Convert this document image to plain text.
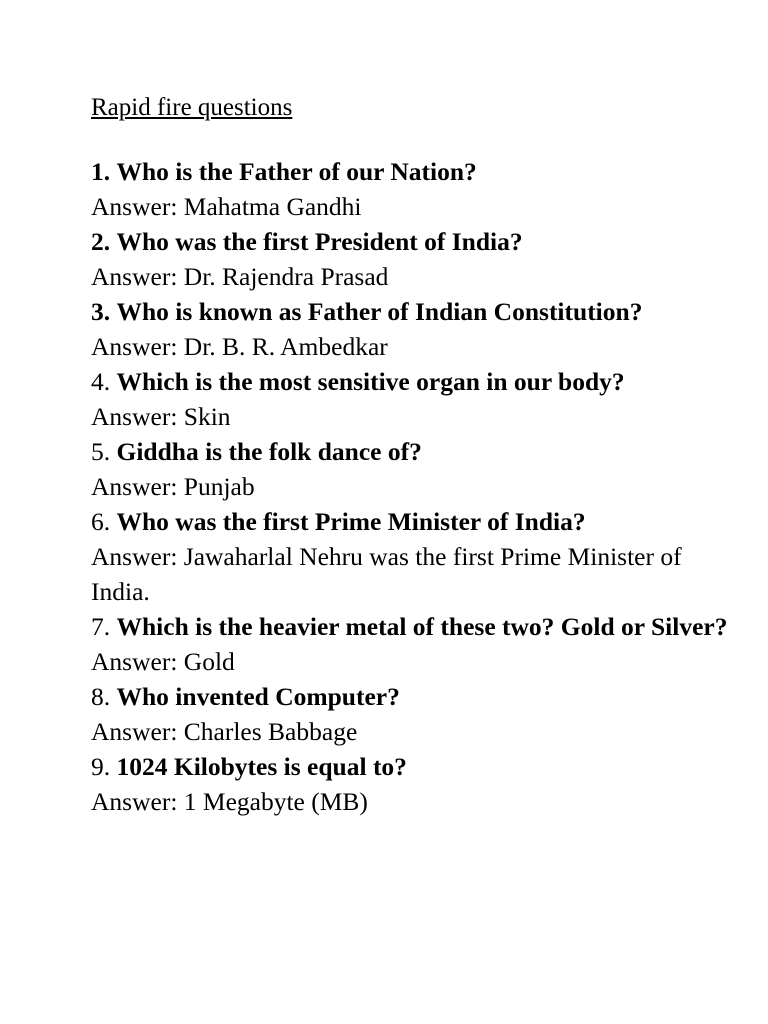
Rapid fire questions

1. Who is the Father of our Nation?

Answer: Mahatma Gandhi

2. Who was the first President of India?

Answer: Dr. Rajendra Prasad

3. Who is known as Father of Indian Constitution?

Answer: Dr. B. R. Ambedkar

4. Which is the most sensitive organ in our body?

Answer: Skin

5. Giddha is the folk dance of?

Answer: Punjab

6. Who was the first Prime Minister of India?

Answer: Jawaharlal Nehru was the first Prime Minister of India.

7. Which is the heavier metal of these two? Gold or Silver?

Answer: Gold

8. Who invented Computer?

Answer: Charles Babbage

9. 1024 Kilobytes is equal to?

Answer: 1 Megabyte (MB)
